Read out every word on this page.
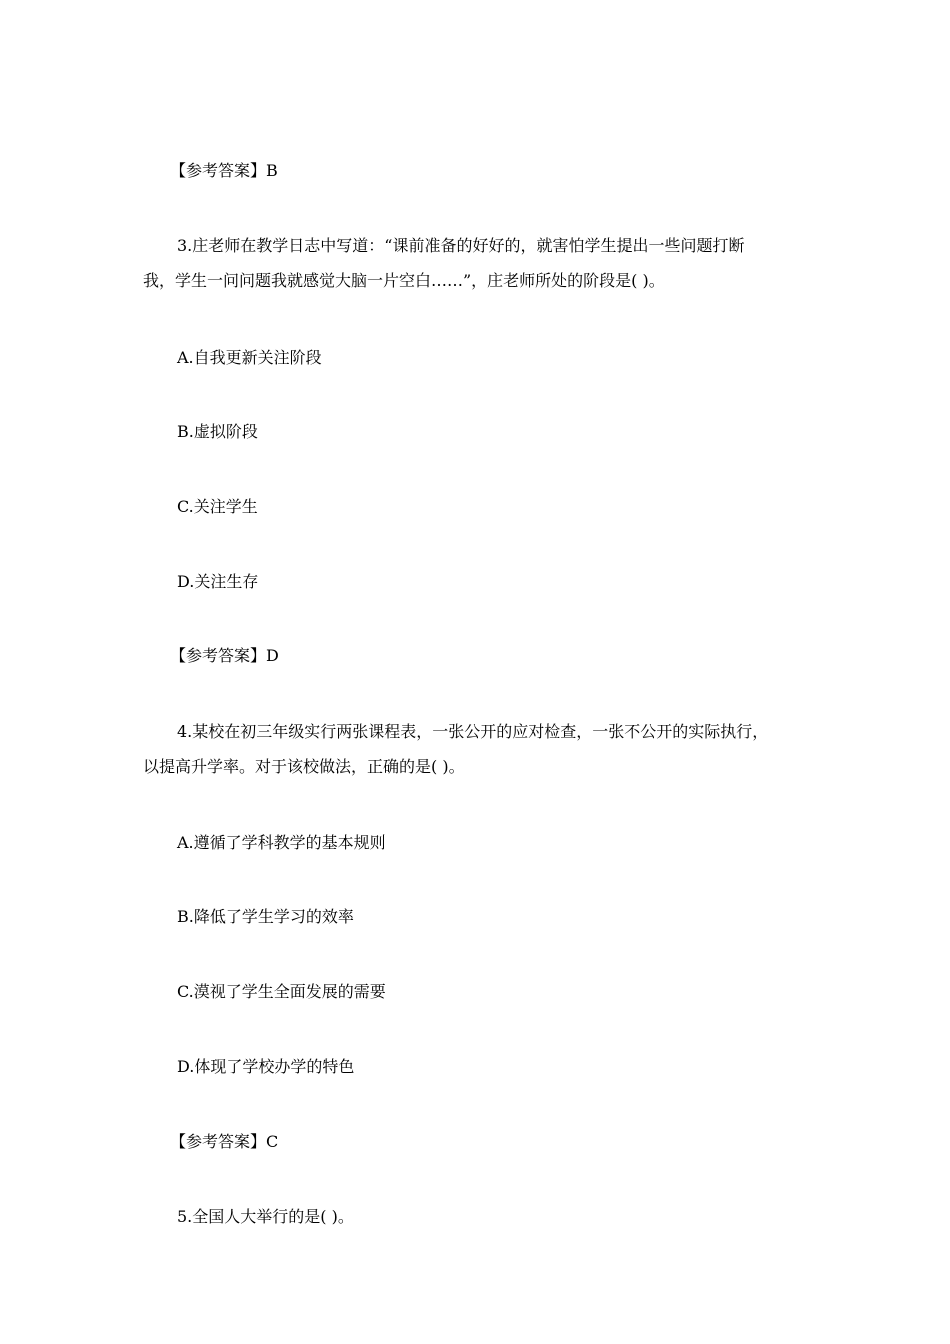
【参考答案】B

3.庄老师在教学日志中写道：“课前准备的好好的，就害怕学生提出一些问题打断

我，学生一问问题我就感觉大脑一片空白……”，庄老师所处的阶段是( )。

A.自我更新关注阶段

B.虚拟阶段

C.关注学生

D.关注生存

【参考答案】D

4.某校在初三年级实行两张课程表，一张公开的应对检查，一张不公开的实际执行，

以提高升学率。对于该校做法，正确的是( )。

A.遵循了学科教学的基本规则

B.降低了学生学习的效率

C.漠视了学生全面发展的需要

D.体现了学校办学的特色

【参考答案】C

5.全国人大举行的是( )。
